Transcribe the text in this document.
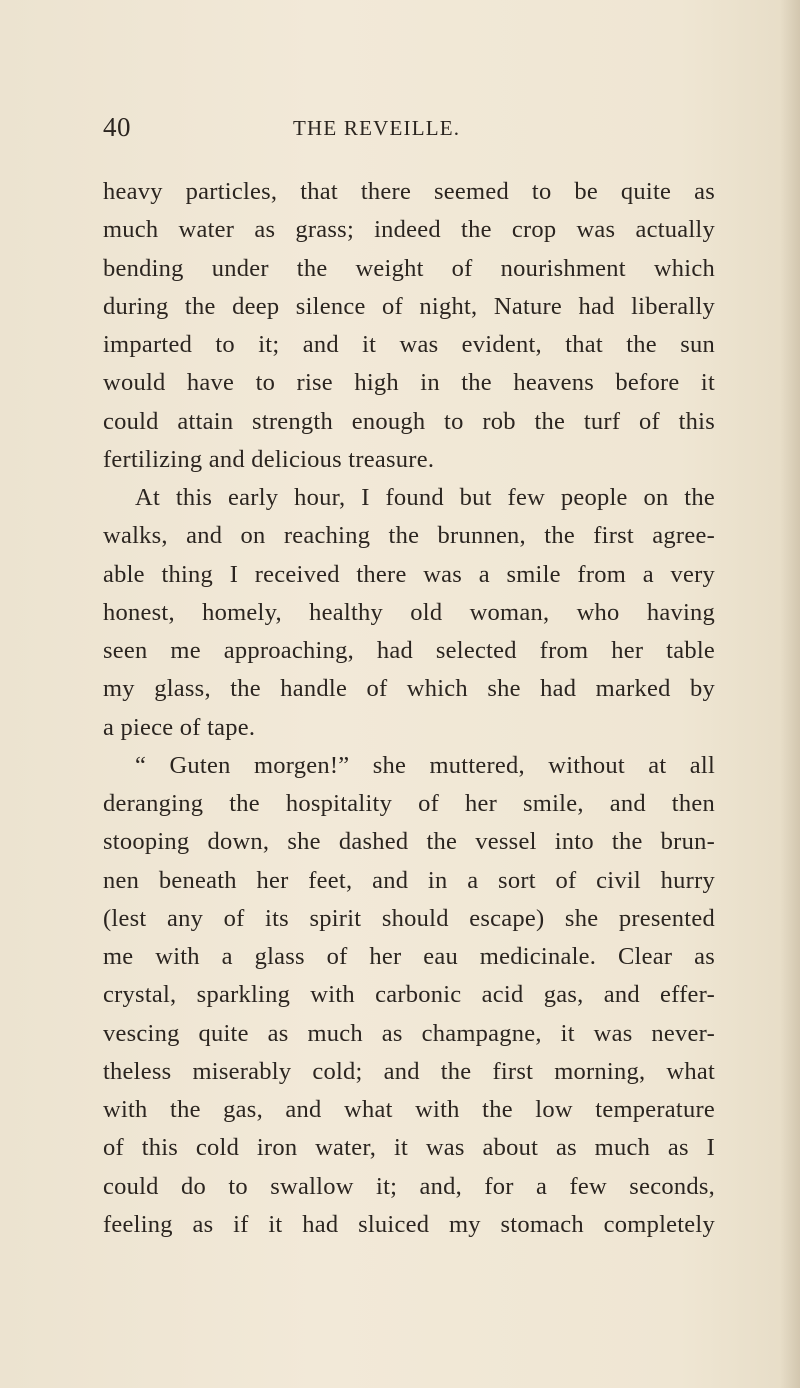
40	THE REVEILLE.
heavy particles, that there seemed to be quite as
much water as grass; indeed the crop was actually
bending under the weight of nourishment which
during the deep silence of night, Nature had liberally
imparted to it; and it was evident, that the sun
would have to rise high in the heavens before it
could attain strength enough to rob the turf of this
fertilizing and delicious treasure.
At this early hour, I found but few people on the
walks, and on reaching the brunnen, the first agree-
able thing I received there was a smile from a very
honest, homely, healthy old woman, who having
seen me approaching, had selected from her table
my glass, the handle of which she had marked by
a piece of tape.
“ Guten morgen!” she muttered, without at all
deranging the hospitality of her smile, and then
stooping down, she dashed the vessel into the brun-
nen beneath her feet, and in a sort of civil hurry
(lest any of its spirit should escape) she presented
me with a glass of her eau medicinale. Clear as
crystal, sparkling with carbonic acid gas, and effer-
vescing quite as much as champagne, it was never-
theless miserably cold; and the first morning, what
with the gas, and what with the low temperature
of this cold iron water, it was about as much as I
could do to swallow it; and, for a few seconds,
feeling as if it had sluiced my stomach completely
